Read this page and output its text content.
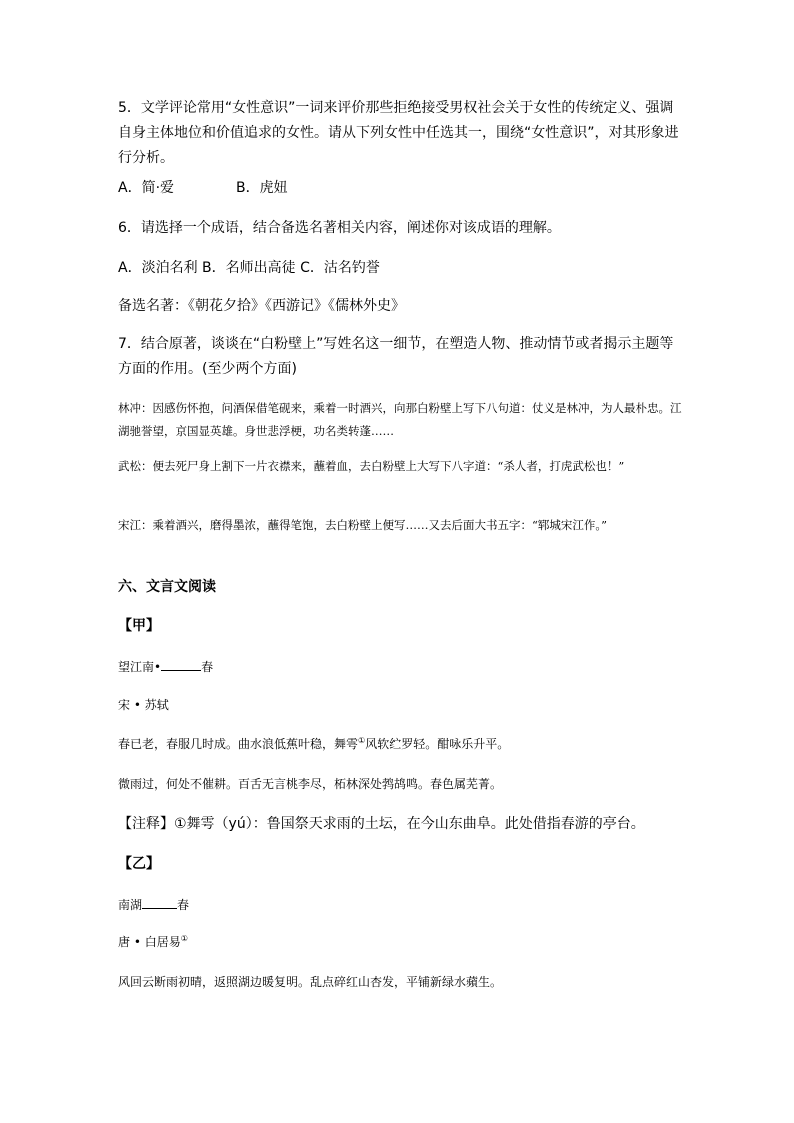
5．文学评论常用“女性意识”一词来评价那些拒绝接受男权社会关于女性的传统定义、强调自身主体地位和价值追求的女性。请从下列女性中任选其一，围绕“女性意识”，对其形象进行分析。

A．简·爱	B．虎妞

6．请选择一个成语，结合备选名著相关内容，阐述你对该成语的理解。

A．淡泊名利 B．名师出高徒 C．沽名钓誉

备选名著：《朝花夕拾》《西游记》《儒林外史》

7．结合原著，谈谈在“白粉壁上”写姓名这一细节，在塑造人物、推动情节或者揭示主题等方面的作用。(至少两个方面)

林冲：因感伤怀抱，问酒保借笔砚来，乘着一时酒兴，向那白粉壁上写下八句道：仗义是林冲，为人最朴忠。江湖驰誉望，京国显英雄。身世悲浮梗，功名类转蓬……

武松：便去死尸身上割下一片衣襟来，蘸着血，去白粉壁上大写下八字道：“杀人者，打虎武松也！”

宋江：乘着酒兴，磨得墨浓，蘸得笔饱，去白粉壁上便写……又去后面大书五字：“郓城宋江作。”

六、文言文阅读

【甲】

望江南•	春

宋 • 苏轼

春已老，春服几时成。曲水浪低蕉叶稳，舞雩①风软纻罗轻。酣咏乐升平。

微雨过，何处不催耕。百舌无言桃李尽，柘林深处鹁鸪鸣。春色属芜菁。

【注释】①舞雩（yú）：鲁国祭天求雨的土坛，在今山东曲阜。此处借指春游的亭台。

【乙】

南湖	春

唐 • 白居易①

风回云断雨初晴，返照湖边暖复明。乱点碎红山杏发，平铺新绿水蘋生。
